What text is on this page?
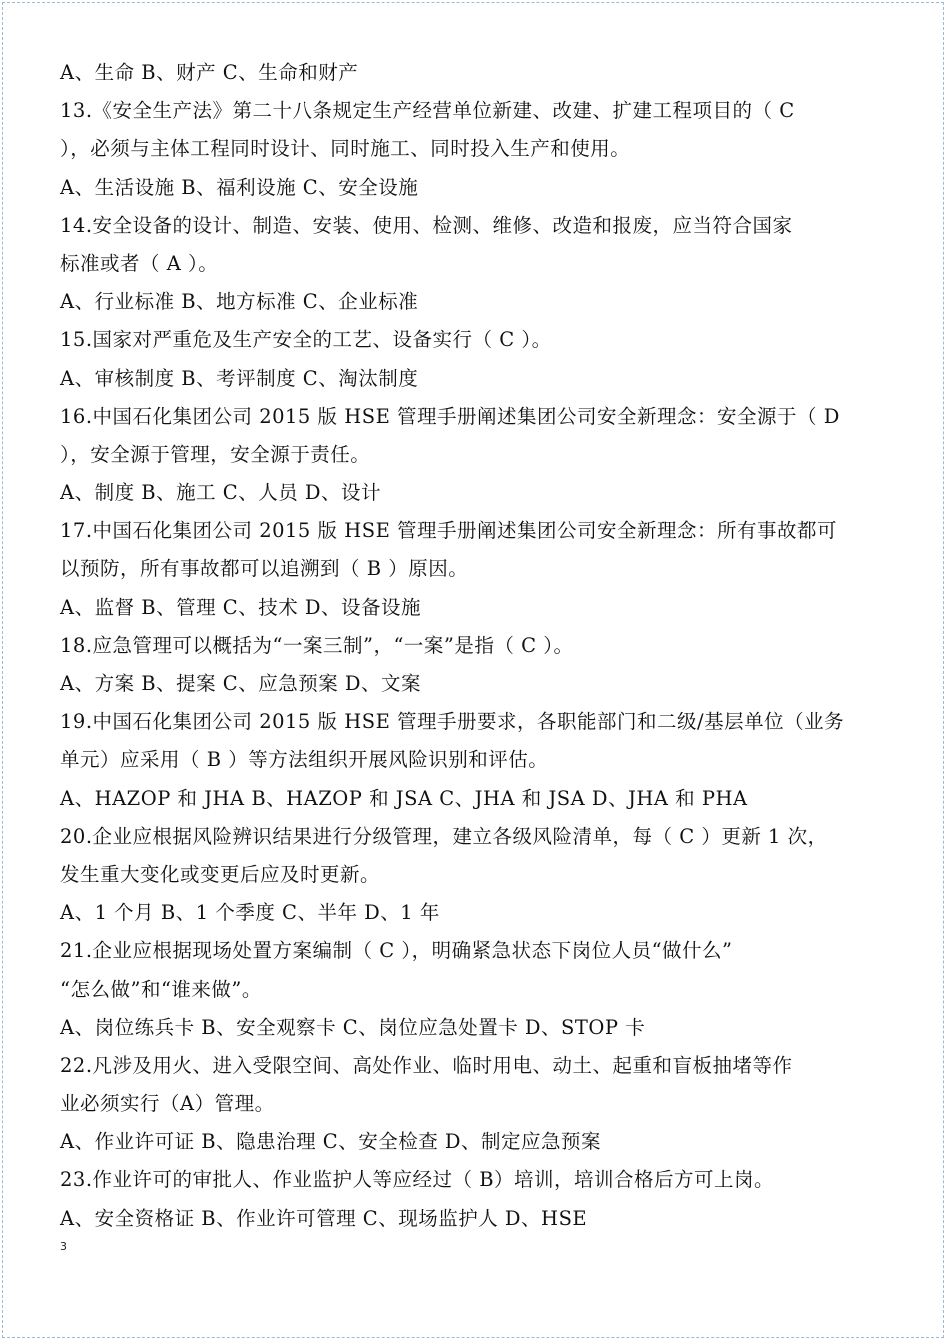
A、生命 B、财产 C、生命和财产
13.《安全生产法》第二十八条规定生产经营单位新建、改建、扩建工程项目的（ C
），必须与主体工程同时设计、同时施工、同时投入生产和使用。
A、生活设施 B、福利设施 C、安全设施
14.安全设备的设计、制造、安装、使用、检测、维修、改造和报废，应当符合国家
标准或者（ A ）。
A、行业标准 B、地方标准 C、企业标准
15.国家对严重危及生产安全的工艺、设备实行（ C ）。
A、审核制度 B、考评制度 C、淘汰制度
16.中国石化集团公司 2015 版 HSE 管理手册阐述集团公司安全新理念：安全源于（ D
），安全源于管理，安全源于责任。
A、制度 B、施工 C、人员 D、设计
17.中国石化集团公司 2015 版 HSE 管理手册阐述集团公司安全新理念：所有事故都可
以预防，所有事故都可以追溯到（ B ）原因。
A、监督 B、管理 C、技术 D、设备设施
18.应急管理可以概括为“一案三制”，“一案”是指（ C ）。
A、方案 B、提案 C、应急预案 D、文案
19.中国石化集团公司 2015 版 HSE 管理手册要求，各职能部门和二级/基层单位（业务
单元）应采用（ B ）等方法组织开展风险识别和评估。
A、HAZOP 和 JHA B、HAZOP 和 JSA C、JHA 和 JSA D、JHA 和 PHA
20.企业应根据风险辨识结果进行分级管理，建立各级风险清单，每（ C ）更新 1 次，
发生重大变化或变更后应及时更新。
A、1 个月 B、1 个季度 C、半年 D、1 年
21.企业应根据现场处置方案编制（ C ），明确紧急状态下岗位人员“做什么”
“怎么做”和“谁来做”。
A、岗位练兵卡 B、安全观察卡 C、岗位应急处置卡 D、STOP 卡
22.凡涉及用火、进入受限空间、高处作业、临时用电、动土、起重和盲板抽堵等作
业必须实行（A）管理。
A、作业许可证 B、隐患治理 C、安全检查 D、制定应急预案
23.作业许可的审批人、作业监护人等应经过（ B）培训，培训合格后方可上岗。
A、安全资格证 B、作业许可管理 C、现场监护人 D、HSE
3
